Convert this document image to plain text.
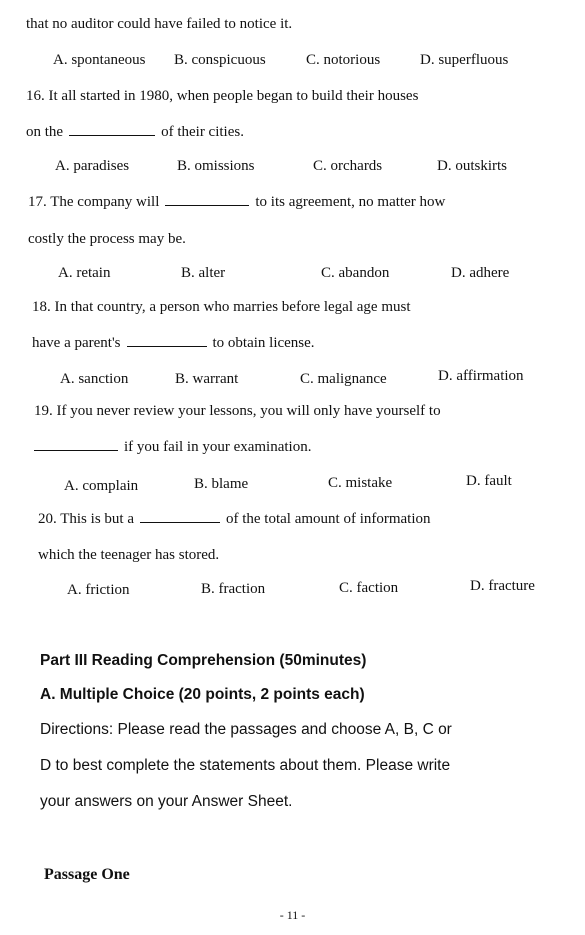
that no auditor could have failed to notice it.
A. spontaneous B. conspicuous	C. notorious	D. superfluous
16. It all started in 1980, when people began to build their houses
on the	of their cities.
A. paradises	B. omissions	C. orchards	D. outskirts
17. The company will	to its agreement, no matter how
costly the process may be.
A. retain	B. alter	C. abandon	D. adhere
18. In that country, a person who marries before legal age must
have a parent's	to obtain license.
A. sanction	B. warrant	C. malignance	D. affirmation
19. If you never review your lessons, you will only have yourself to
if you fail in your examination.
A. complain	B. blame	C. mistake	D. fault
20. This is but a	of the total amount of information
which the teenager has stored.
A. friction	B. fraction	C. faction	D. fracture
Part III Reading Comprehension (50minutes)
A. Multiple Choice (20 points, 2 points each)
Directions: Please read the passages and choose A, B, C or
D to best complete the statements about them. Please write
your answers on your Answer Sheet.
Passage One
- 11 -
